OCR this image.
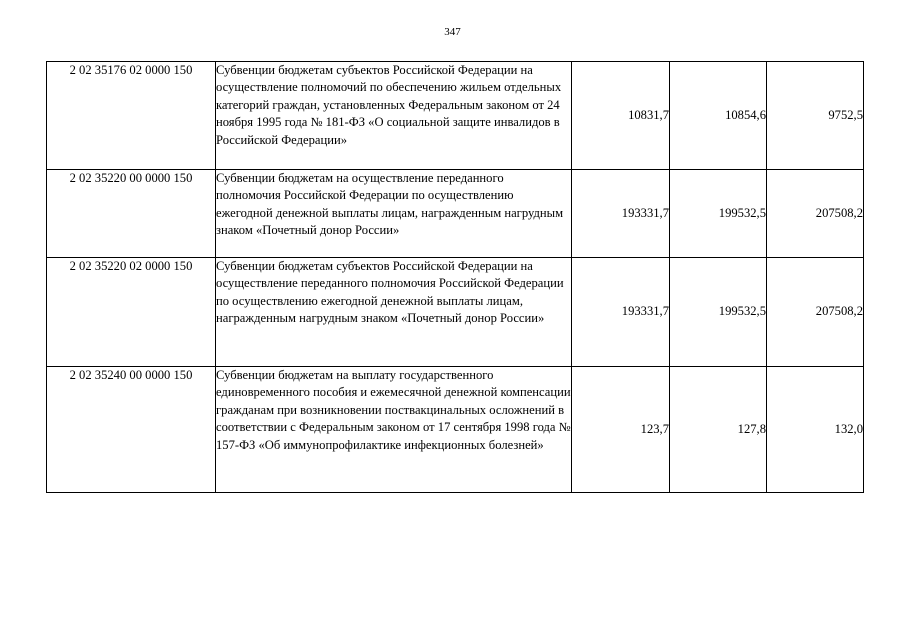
347
2 02 35176 02 0000 150	Субвенции бюджетам субъектов Российской Федерации на осуществление полномочий по обеспечению жильем отдельных категорий граждан, установленных Федеральным законом от 24 ноября 1995 года № 181-ФЗ «О социальной защите инвалидов в Российской Федерации»	10831,7	10854,6	9752,5
2 02 35220 00 0000 150	Субвенции бюджетам на осуществление переданного полномочия Российской Федерации по осуществлению ежегодной денежной выплаты лицам, награжденным нагрудным знаком «Почетный донор России»	193331,7	199532,5	207508,2
2 02 35220 02 0000 150	Субвенции бюджетам субъектов Российской Федерации на осуществление переданного полномочия Российской Федерации по осуществлению ежегодной денежной выплаты лицам, награжденным нагрудным знаком «Почетный донор России»	193331,7	199532,5	207508,2
2 02 35240 00 0000 150	Субвенции бюджетам на выплату государственного единовременного пособия и ежемесячной денежной компенсации гражданам при возникновении поствакцинальных осложнений в соответствии с Федеральным законом от 17 сентября 1998 года № 157-ФЗ «Об иммунопрофилактике инфекционных болезней»	123,7	127,8	132,0
